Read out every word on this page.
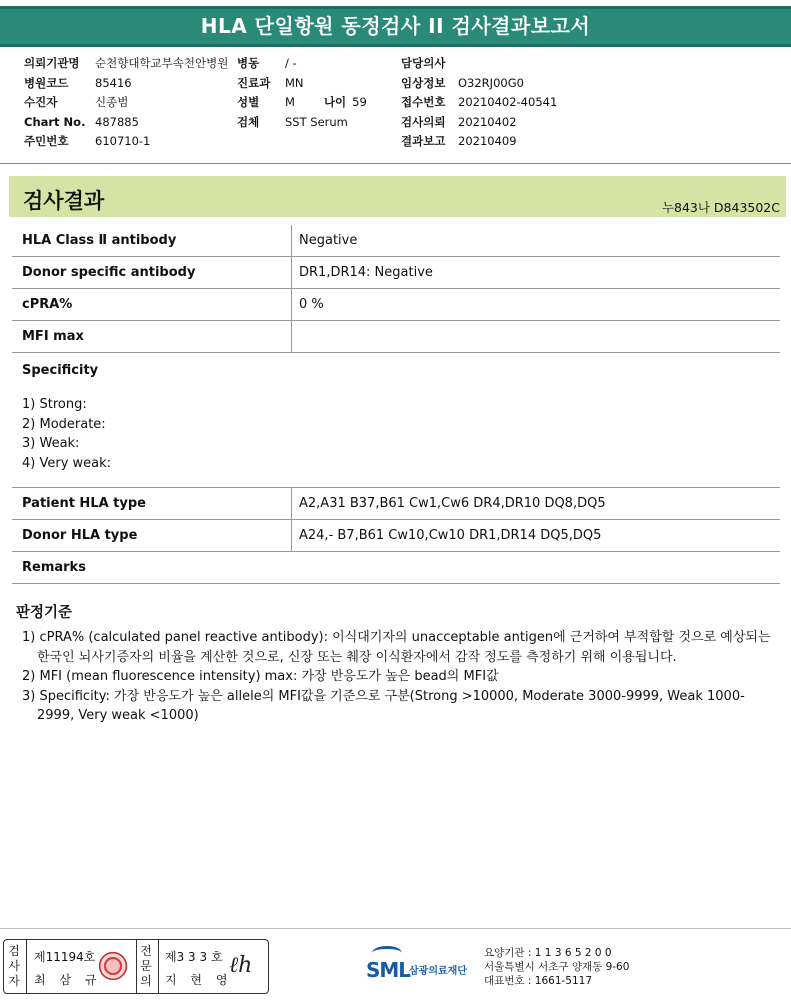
HLA 단일항원 동정검사 II 검사결과보고서
의뢰기관명 순천향대학교부속천안병원
병원코드 85416
수진자	신종범
Chart No. 487885
주민번호 610710-1
병동 / -
진료과 MN
성별 M	나이 59
검체 SST Serum
담당의사
임상정보 O32RJ00G0
접수번호 20210402-40541
검사의뢰 20210402
결과보고 20210409
검사결과	누843나 D843502C
HLA Class Ⅱ antibody	Negative
Donor specific antibody	DR1,DR14: Negative
cPRA%	0 %
MFI max
Specificity
1) Strong:
2) Moderate:
3) Weak:
4) Very weak:
Patient HLA type	A2,A31 B37,B61 Cw1,Cw6 DR4,DR10 DQ8,DQ5
Donor HLA type	A24,- B7,B61 Cw10,Cw10 DR1,DR14 DQ5,DQ5
Remarks
판정기준
1) cPRA% (calculated panel reactive antibody): 이식대기자의 unacceptable antigen에 근거하여 부적합할 것으로 예상되는 한국인 뇌사기증자의 비율을 계산한 것으로, 신장 또는 췌장 이식환자에서 감작 정도를 측정하기 위해 이용됩니다.
2) MFI (mean fluorescence intensity) max: 가장 반응도가 높은 bead의 MFI값
3) Specificity: 가장 반응도가 높은 allele의 MFI값을 기준으로 구분(Strong >10000, Moderate 3000-9999, Weak 1000-2999, Very weak <1000)
검
사
자
제11194호
최 삼 규
전
문
의
제3 3 3 호
지 현 영
ℓh	SML
삼광의료재단
요양기관 : 1 1 3 6 5 2 0 0
서울특별시 서초구 양재동 9-60
대표번호 : 1661-5117
